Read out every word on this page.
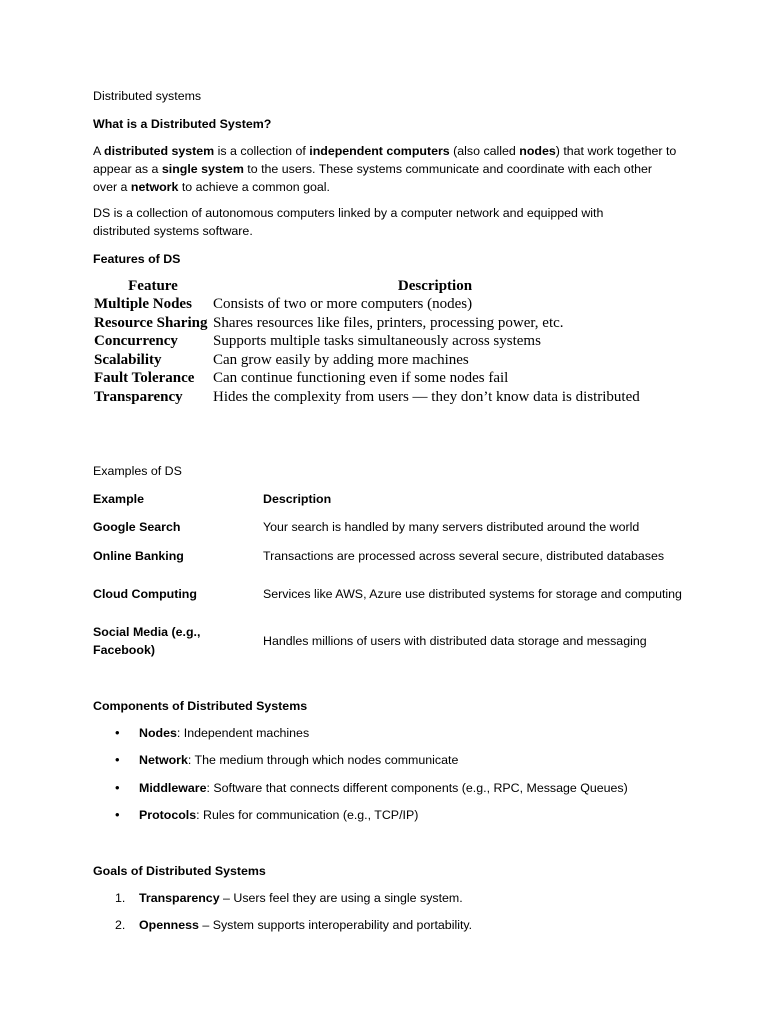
Distributed systems
What is a Distributed System?
A distributed system is a collection of independent computers (also called nodes) that work together to appear as a single system to the users. These systems communicate and coordinate with each other over a network to achieve a common goal.
DS is a collection of autonomous computers linked by a computer network and equipped with distributed systems software.
Features of DS
Feature	Description
Multiple Nodes	Consists of two or more computers (nodes)
Resource Sharing	Shares resources like files, printers, processing power, etc.
Concurrency	Supports multiple tasks simultaneously across systems
Scalability	Can grow easily by adding more machines
Fault Tolerance	Can continue functioning even if some nodes fail
Transparency	Hides the complexity from users — they don’t know data is distributed
Examples of DS
Example	Description
Google Search	Your search is handled by many servers distributed around the world
Online Banking	Transactions are processed across several secure, distributed databases
Cloud Computing	Services like AWS, Azure use distributed systems for storage and computing
Social Media (e.g., Facebook)	Handles millions of users with distributed data storage and messaging
Components of Distributed Systems
• Nodes: Independent machines
• Network: The medium through which nodes communicate
• Middleware: Software that connects different components (e.g., RPC, Message Queues)
• Protocols: Rules for communication (e.g., TCP/IP)
Goals of Distributed Systems
1. Transparency – Users feel they are using a single system.
2. Openness – System supports interoperability and portability.
